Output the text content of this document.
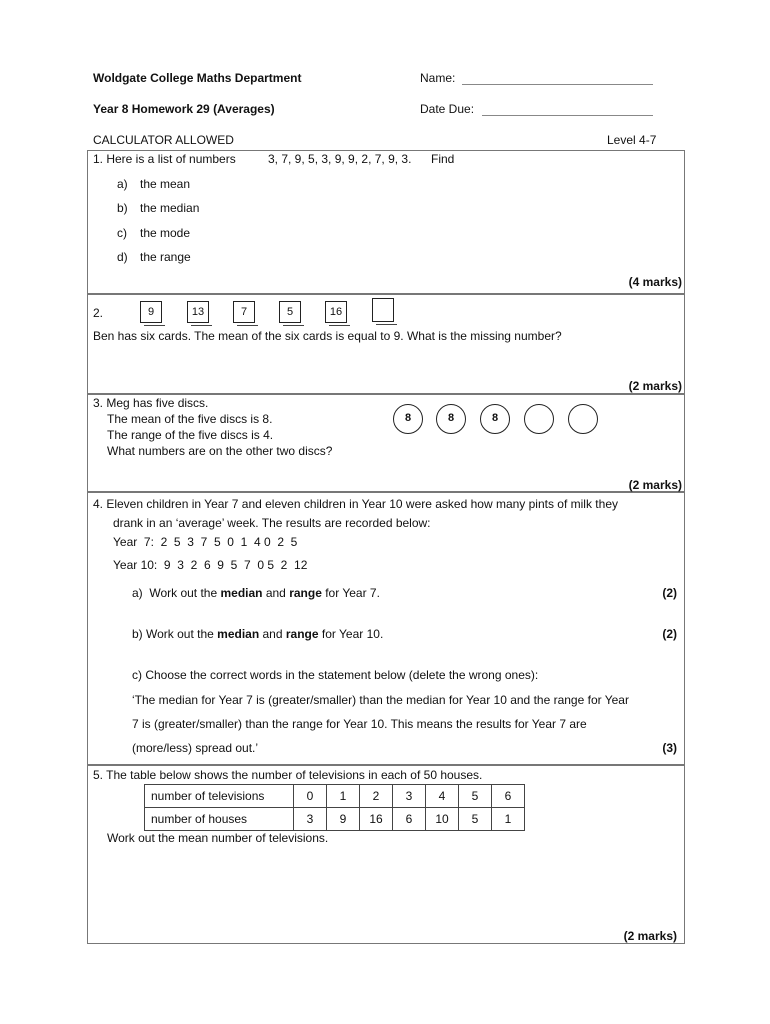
Woldgate College Maths Department	Name:
Year 8 Homework 29 (Averages)	Date Due:
CALCULATOR ALLOWED	Level 4-7
1. Here is a list of numbers	3, 7, 9, 5, 3, 9, 9, 2, 7, 9, 3. Find
a) the mean
b) the median
c) the mode
d) the range
(4 marks)
2.	9	13	7	5	16
Ben has six cards. The mean of the six cards is equal to 9. What is the missing number?
(2 marks)
3. Meg has five discs.
The mean of the five discs is 8.
The range of the five discs is 4.
What numbers are on the other two discs?
8	8	8
(2 marks)
4. Eleven children in Year 7 and eleven children in Year 10 were asked how many pints of milk they
drank in an ‘average’ week. The results are recorded below:
Year  7:  2  5  3  7  5  0  1  4 0  2  5
Year 10:  9  3  2  6  9  5  7  0 5  2  12
a)  Work out the median and range for Year 7.	(2)
b) Work out the median and range for Year 10.	(2)
c) Choose the correct words in the statement below (delete the wrong ones):
‘The median for Year 7 is (greater/smaller) than the median for Year 10 and the range for Year
7 is (greater/smaller) than the range for Year 10. This means the results for Year 7 are
(more/less) spread out.’	(3)
5. The table below shows the number of televisions in each of 50 houses.
number of televisions	0	1	2	3	4	5	6
number of houses	3	9	16	6	10	5	1
Work out the mean number of televisions.
(2 marks)
